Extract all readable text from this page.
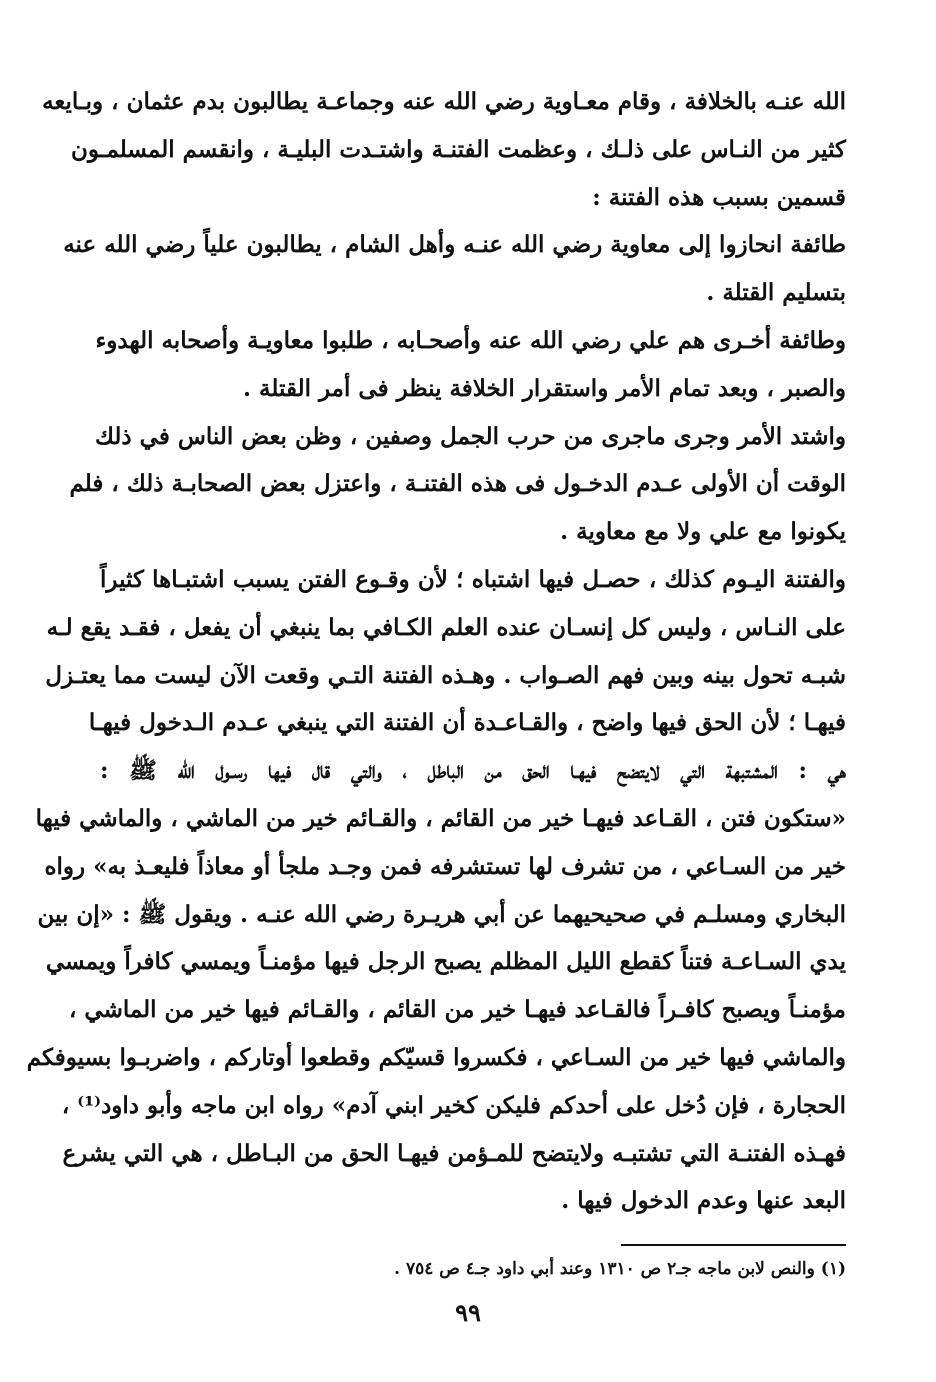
الله عنـه بالخلافة ، وقام معـاوية رضي الله عنه وجماعـة يطالبون بدم عثمان ، وبـايعه
كثير من النـاس على ذلـك ، وعظمت الفتنـة واشتـدت البليـة ، وانقسم المسلمـون
قسمين بسبب هذه الفتنة :
طائفة انحازوا إلى معاوية رضي الله عنـه وأهل الشام ، يطالبون علياً رضي الله عنه
بتسليم القتلة .
وطائفة أخـرى هم علي رضي الله عنه وأصحـابه ، طلبوا معاويـة وأصحابه الهدوء
والصبر ، وبعد تمام الأمر واستقرار الخلافة ينظر فى أمر القتلة .
واشتد الأمر وجرى ماجرى من حرب الجمل وصفين ، وظن بعض الناس في ذلك
الوقت أن الأولى عـدم الدخـول فى هذه الفتنـة ، واعتزل بعض الصحابـة ذلك ، فلم
يكونوا مع علي ولا مع معاوية .
والفتنة اليـوم كذلك ، حصـل فيها اشتباه ؛ لأن وقـوع الفتن يسبب اشتبـاها كثيراً
على النـاس ، وليس كل إنسـان عنده العلم الكـافي بما ينبغي أن يفعل ، فقـد يقع لـه
شبـه تحول بينه وبين فهم الصـواب . وهـذه الفتنة التـي وقعت الآن ليست مما يعتـزل
فيهـا ؛ لأن الحق فيها واضح ، والقـاعـدة أن الفتنة التي ينبغي عـدم الـدخول فيهـا
هي : المشتبهة التي لايتضح فيهـا الحق من الباطل ، والتي قال فيها رسـول الله ﷺ :
«ستكون فتن ، القـاعد فيهـا خير من القائم ، والقـائم خير من الماشي ، والماشي فيها
خير من السـاعي ، من تشرف لها تستشرفه فمن وجـد ملجأ أو معاذاً فليعـذ به» رواه
البخاري ومسلـم في صحيحيهما عن أبي هريـرة رضي الله عنـه . ويقول ﷺ : «إن بين
يدي السـاعـة فتناً كقطع الليل المظلم يصبح الرجل فيها مؤمنـاً ويمسي كافراً ويمسي
مؤمنـاً ويصبح كافـراً فالقـاعد فيهـا خير من القائم ، والقـائم فيها خير من الماشي ،
والماشي فيها خير من السـاعي ، فكسروا قسيّكم وقطعوا أوتاركم ، واضربـوا بسيوفكم
الحجارة ، فإن دُخل على أحدكم فليكن كخير ابني آدم» رواه ابن ماجه وأبو داود⁽¹⁾ ،
فهـذه الفتنـة التي تشتبـه ولايتضح للمـؤمن فيهـا الحق من البـاطل ، هي التي يشرع
البعد عنها وعدم الدخول فيها .
(١) والنص لابن ماجه جـ٢ ص ١٣١٠ وعند أبي داود جـ٤ ص ٧٥٤ .
٩٩
